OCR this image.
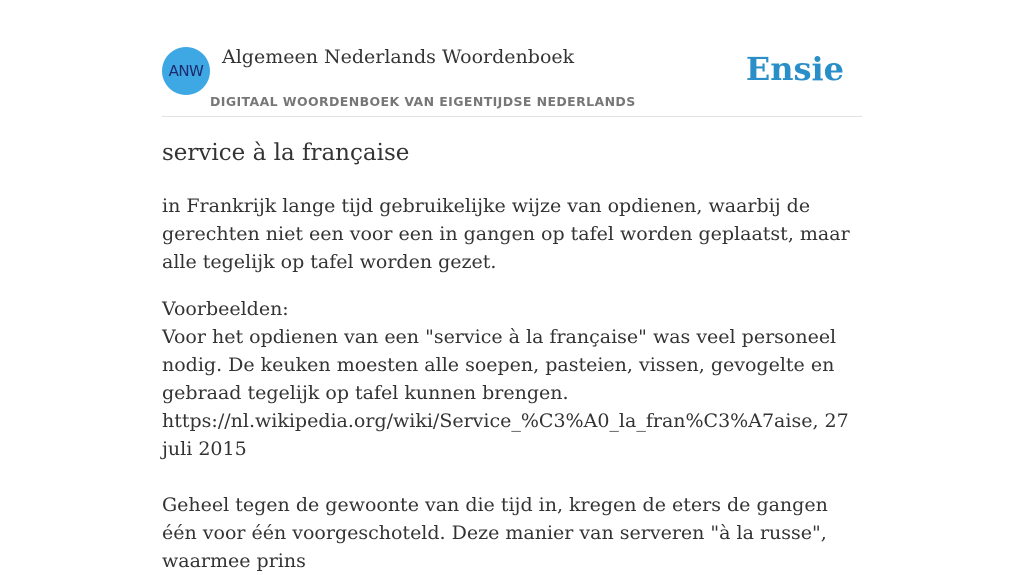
ANW
Algemeen Nederlands Woordenboek
DIGITAAL WOORDENBOEK VAN EIGENTIJDSE NEDERLANDS
Ensie
service à la française
in Frankrijk lange tijd gebruikelijke wijze van opdienen, waarbij de gerechten niet een voor een in gangen op tafel worden geplaatst, maar alle tegelijk op tafel worden gezet.

Voorbeelden:

Voor het opdienen van een "service à la française" was veel personeel nodig. De keuken moesten alle soepen, pasteien, vissen, gevogelte en gebraad tegelijk op tafel kunnen brengen.

https://nl.wikipedia.org/wiki/Service_%C3%A0_la_fran%C3%A7aise, 27 juli 2015

Geheel tegen de gewoonte van die tijd in, kregen de eters de gangen één voor één voorgeschoteld. Deze manier van serveren "à la russe", waarmee prins
